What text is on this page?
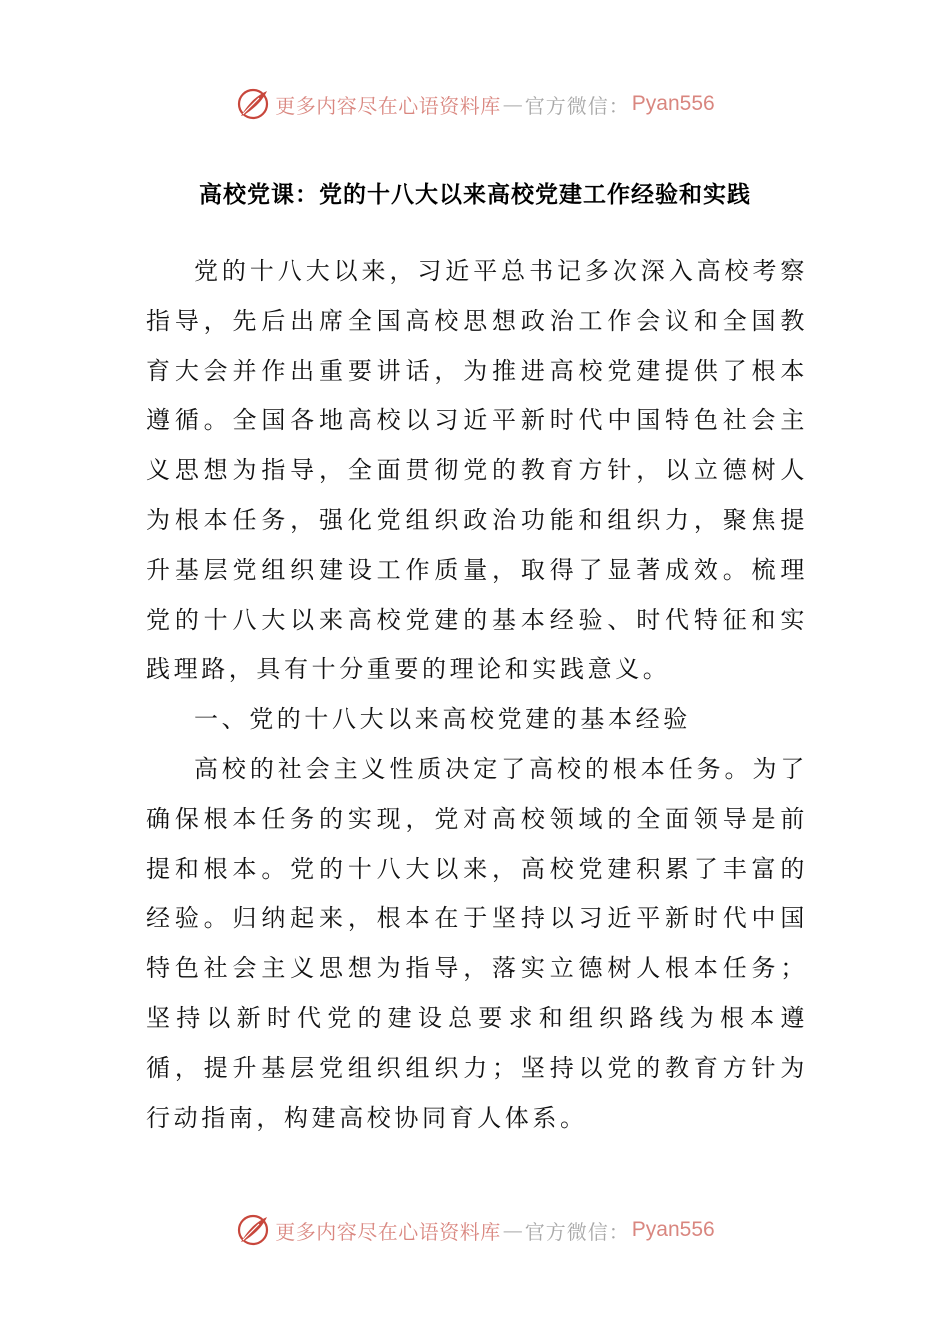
更多内容尽在心语资料库 — 官方微信： Pyan556
高校党课：党的十八大以来高校党建工作经验和实践

党的十八大以来，习近平总书记多次深入高校考察指导，先后出席全国高校思想政治工作会议和全国教育大会并作出重要讲话，为推进高校党建提供了根本遵循。全国各地高校以习近平新时代中国特色社会主义思想为指导，全面贯彻党的教育方针，以立德树人为根本任务，强化党组织政治功能和组织力，聚焦提升基层党组织建设工作质量，取得了显著成效。梳理党的十八大以来高校党建的基本经验、时代特征和实践理路，具有十分重要的理论和实践意义。

一、党的十八大以来高校党建的基本经验

高校的社会主义性质决定了高校的根本任务。为了确保根本任务的实现，党对高校领域的全面领导是前提和根本。党的十八大以来，高校党建积累了丰富的经验。归纳起来，根本在于坚持以习近平新时代中国特色社会主义思想为指导，落实立德树人根本任务；坚持以新时代党的建设总要求和组织路线为根本遵循，提升基层党组织组织力；坚持以党的教育方针为行动指南，构建高校协同育人体系。

更多内容尽在心语资料库 — 官方微信： Pyan556
